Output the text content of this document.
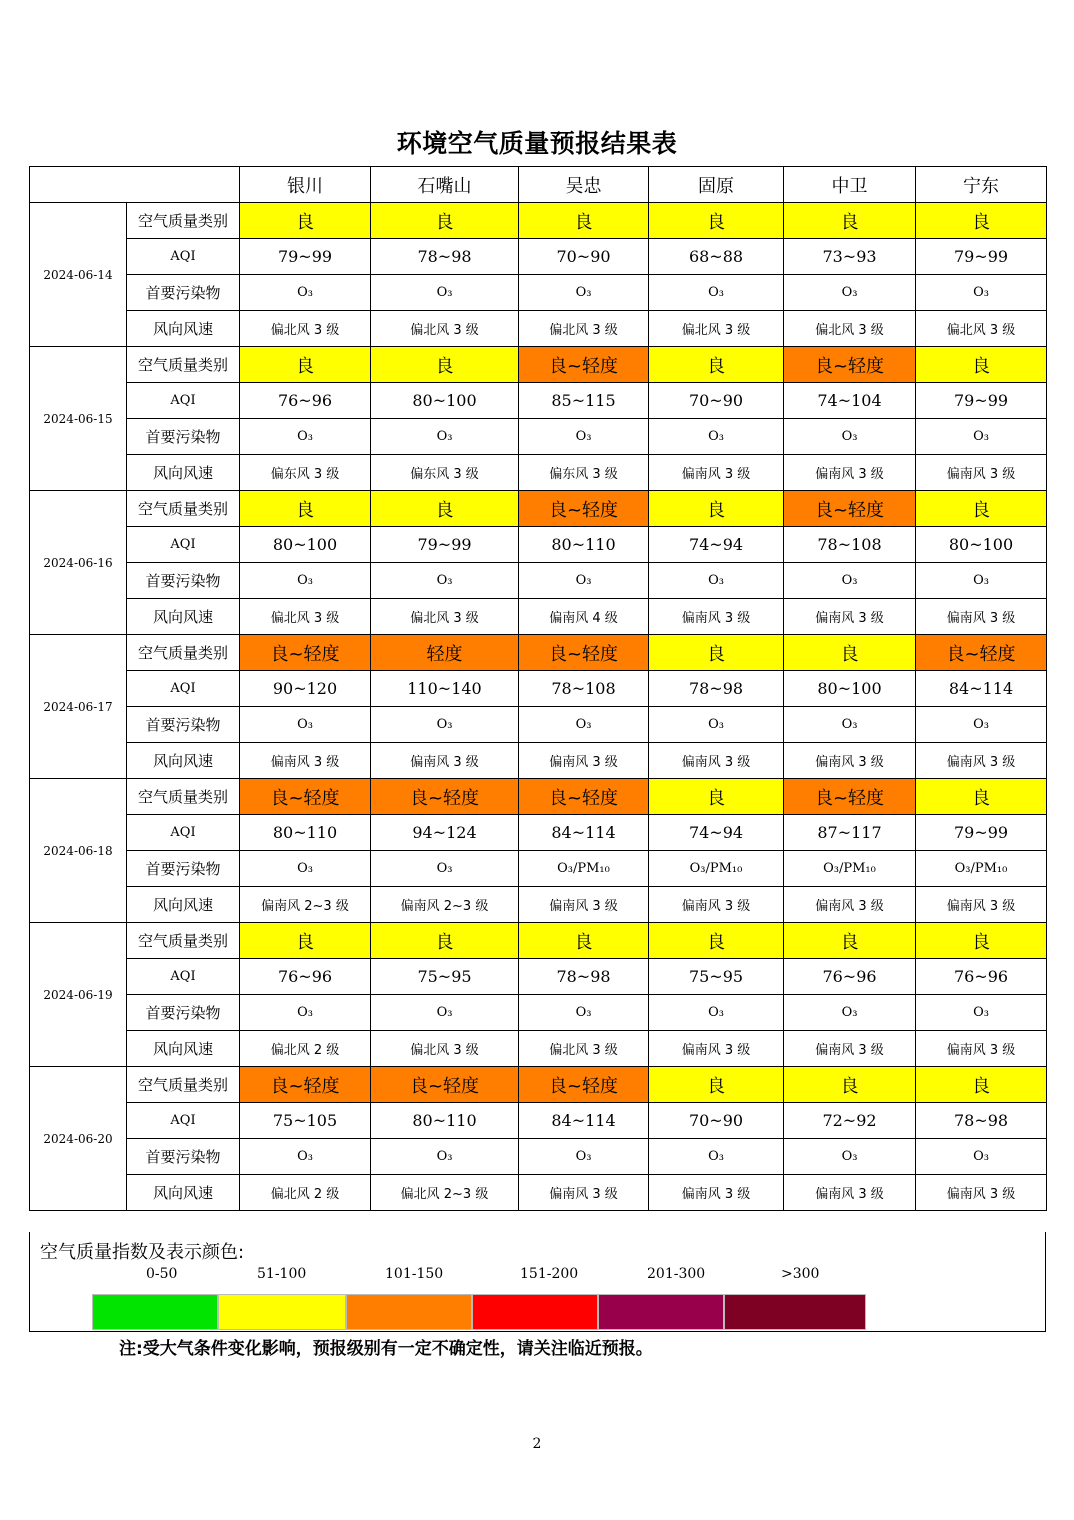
环境空气质量预报结果表
		银川	石嘴山	吴忠	固原	中卫	宁东
2024-06-14	空气质量类别	良	良	良	良	良	良
	AQI	79~99	78~98	70~90	68~88	73~93	79~99
	首要污染物	O₃	O₃	O₃	O₃	O₃	O₃
	风向风速	偏北风 3 级	偏北风 3 级	偏北风 3 级	偏北风 3 级	偏北风 3 级	偏北风 3 级
2024-06-15	空气质量类别	良	良	良~轻度	良	良~轻度	良
	AQI	76~96	80~100	85~115	70~90	74~104	79~99
	首要污染物	O₃	O₃	O₃	O₃	O₃	O₃
	风向风速	偏东风 3 级	偏东风 3 级	偏东风 3 级	偏南风 3 级	偏南风 3 级	偏南风 3 级
2024-06-16	空气质量类别	良	良	良~轻度	良	良~轻度	良
	AQI	80~100	79~99	80~110	74~94	78~108	80~100
	首要污染物	O₃	O₃	O₃	O₃	O₃	O₃
	风向风速	偏北风 3 级	偏北风 3 级	偏南风 4 级	偏南风 3 级	偏南风 3 级	偏南风 3 级
2024-06-17	空气质量类别	良~轻度	轻度	良~轻度	良	良	良~轻度
	AQI	90~120	110~140	78~108	78~98	80~100	84~114
	首要污染物	O₃	O₃	O₃	O₃	O₃	O₃
	风向风速	偏南风 3 级	偏南风 3 级	偏南风 3 级	偏南风 3 级	偏南风 3 级	偏南风 3 级
2024-06-18	空气质量类别	良~轻度	良~轻度	良~轻度	良	良~轻度	良
	AQI	80~110	94~124	84~114	74~94	87~117	79~99
	首要污染物	O₃	O₃	O₃/PM₁₀	O₃/PM₁₀	O₃/PM₁₀	O₃/PM₁₀
	风向风速	偏南风 2~3 级	偏南风 2~3 级	偏南风 3 级	偏南风 3 级	偏南风 3 级	偏南风 3 级
2024-06-19	空气质量类别	良	良	良	良	良	良
	AQI	76~96	75~95	78~98	75~95	76~96	76~96
	首要污染物	O₃	O₃	O₃	O₃	O₃	O₃
	风向风速	偏北风 2 级	偏北风 3 级	偏北风 3 级	偏南风 3 级	偏南风 3 级	偏南风 3 级
2024-06-20	空气质量类别	良~轻度	良~轻度	良~轻度	良	良	良
	AQI	75~105	80~110	84~114	70~90	72~92	78~98
	首要污染物	O₃	O₃	O₃	O₃	O₃	O₃
	风向风速	偏北风 2 级	偏北风 2~3 级	偏南风 3 级	偏南风 3 级	偏南风 3 级	偏南风 3 级
空气质量指数及表示颜色:
0-50	51-100	101-150	151-200	201-300	>300
注:受大气条件变化影响，预报级别有一定不确定性，请关注临近预报。
2
